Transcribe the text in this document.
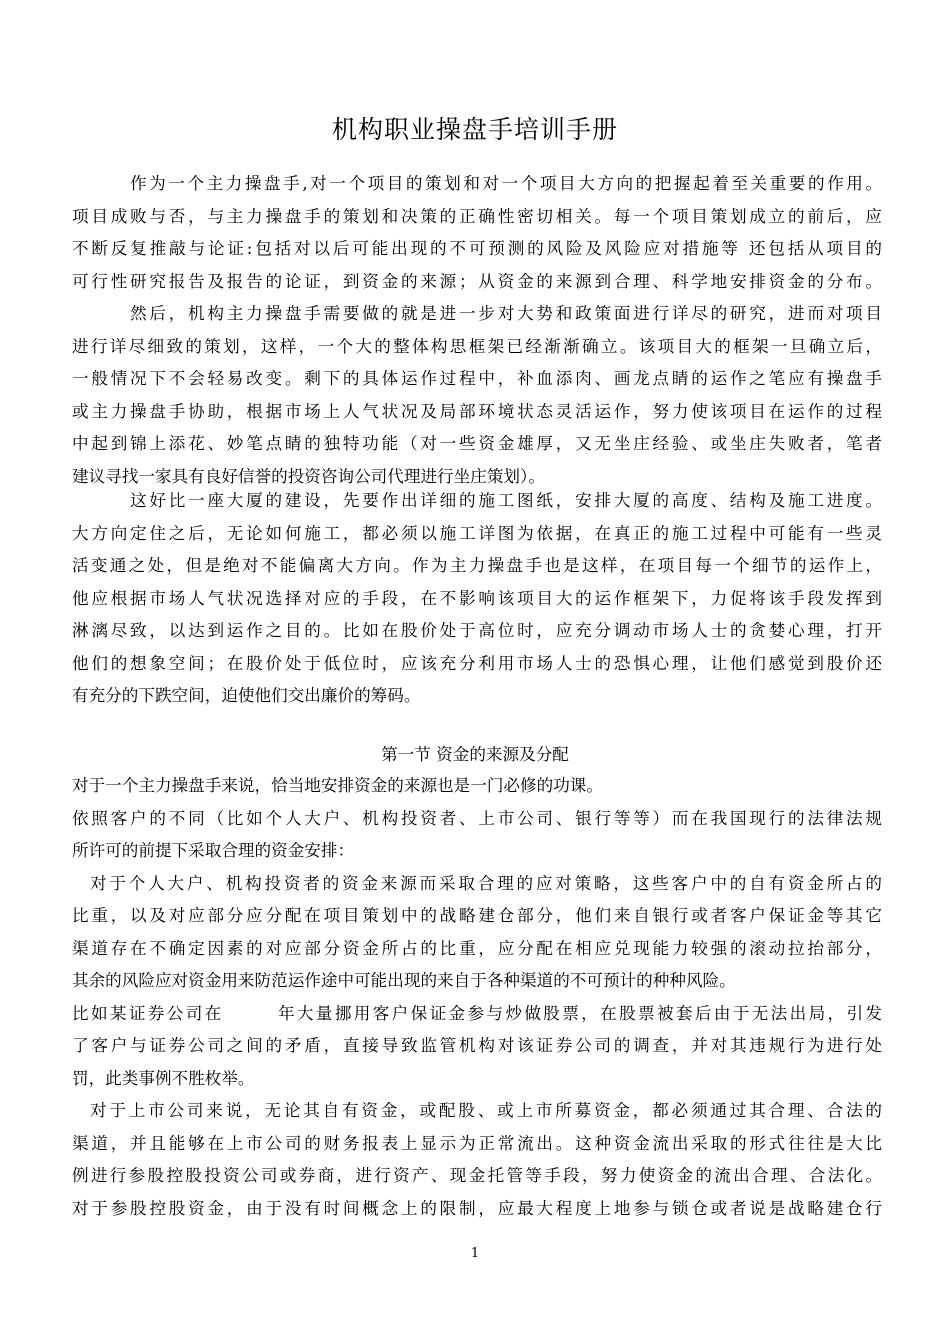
机构职业操盘手培训手册
作为一个主力操盘手,对一个项目的策划和对一个项目大方向的把握起着至关重要的作用。
项目成败与否，与主力操盘手的策划和决策的正确性密切相关。每一个项目策划成立的前后，应
不断反复推敲与论证:包括对以后可能出现的不可预测的风险及风险应对措施等 还包括从项目的
可行性研究报告及报告的论证，到资金的来源；从资金的来源到合理、科学地安排资金的分布。
然后，机构主力操盘手需要做的就是进一步对大势和政策面进行详尽的研究，进而对项目
进行详尽细致的策划，这样，一个大的整体构思框架已经渐渐确立。该项目大的框架一旦确立后，
一般情况下不会轻易改变。剩下的具体运作过程中，补血添肉、画龙点睛的运作之笔应有操盘手
或主力操盘手协助，根据市场上人气状况及局部环境状态灵活运作，努力使该项目在运作的过程
中起到锦上添花、妙笔点睛的独特功能（对一些资金雄厚，又无坐庄经验、或坐庄失败者，笔者
建议寻找一家具有良好信誉的投资咨询公司代理进行坐庄策划）。
这好比一座大厦的建设，先要作出详细的施工图纸，安排大厦的高度、结构及施工进度。
大方向定住之后，无论如何施工，都必须以施工详图为依据，在真正的施工过程中可能有一些灵
活变通之处，但是绝对不能偏离大方向。作为主力操盘手也是这样，在项目每一个细节的运作上，
他应根据市场人气状况选择对应的手段，在不影响该项目大的运作框架下，力促将该手段发挥到
淋漓尽致，以达到运作之目的。比如在股价处于高位时，应充分调动市场人士的贪婪心理，打开
他们的想象空间；在股价处于低位时，应该充分利用市场人士的恐惧心理，让他们感觉到股价还
有充分的下跌空间，迫使他们交出廉价的筹码。
第一节 资金的来源及分配
对于一个主力操盘手来说，恰当地安排资金的来源也是一门必修的功课。
依照客户的不同（比如个人大户、机构投资者、上市公司、银行等等）而在我国现行的法律法规
所许可的前提下采取合理的资金安排：
对于个人大户、机构投资者的资金来源而采取合理的应对策略，这些客户中的自有资金所占的
比重，以及对应部分应分配在项目策划中的战略建仓部分，他们来自银行或者客户保证金等其它
渠道存在不确定因素的对应部分资金所占的比重，应分配在相应兑现能力较强的滚动拉抬部分，
其余的风险应对资金用来防范运作途中可能出现的来自于各种渠道的不可预计的种种风险。
比如某证券公司在	年大量挪用客户保证金参与炒做股票，在股票被套后由于无法出局，引发
了客户与证券公司之间的矛盾，直接导致监管机构对该证券公司的调查，并对其违规行为进行处
罚，此类事例不胜枚举。
对于上市公司来说，无论其自有资金，或配股、或上市所募资金，都必须通过其合理、合法的
渠道，并且能够在上市公司的财务报表上显示为正常流出。这种资金流出采取的形式往往是大比
例进行参股控股投资公司或券商，进行资产、现金托管等手段，努力使资金的流出合理、合法化。
对于参股控股资金，由于没有时间概念上的限制，应最大程度上地参与锁仓或者说是战略建仓行
1
